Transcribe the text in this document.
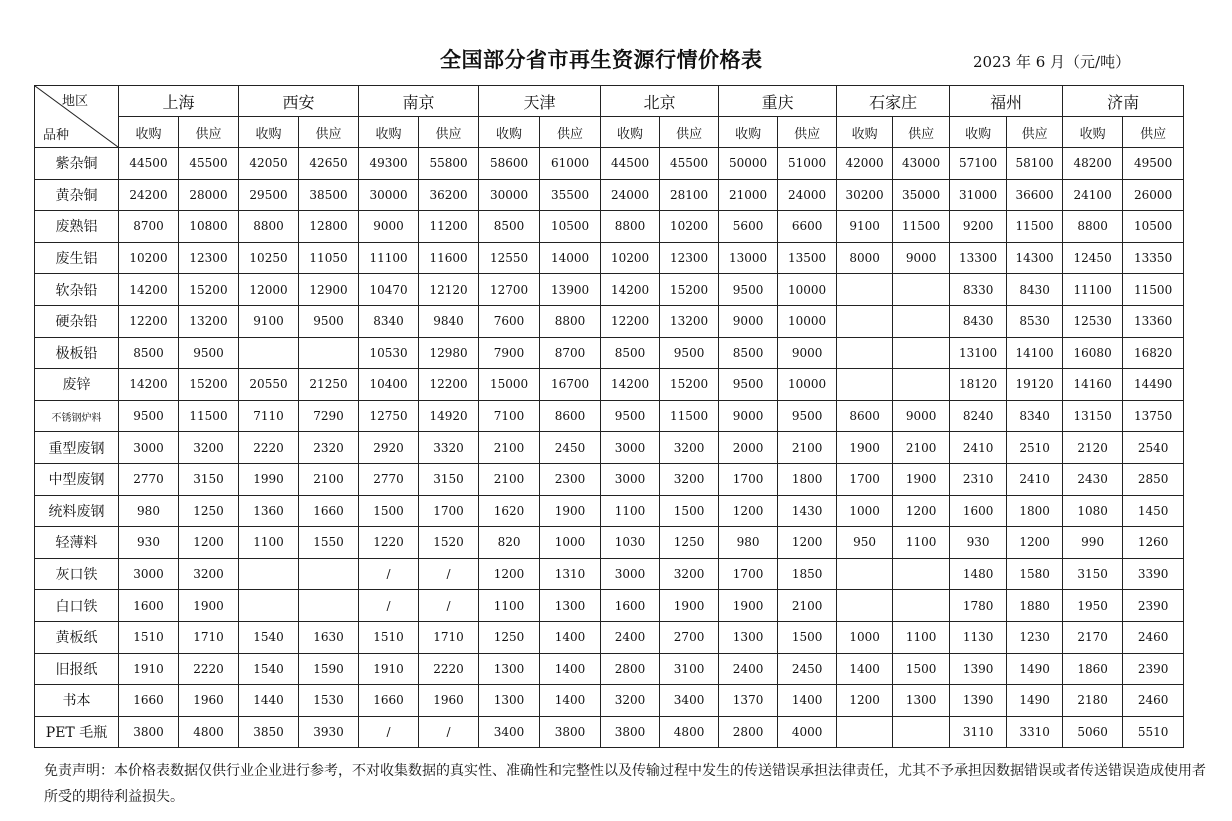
全国部分省市再生资源行情价格表	2023 年 6 月（元/吨）
地区
品种	上海		西安		南京		天津		北京		重庆		石家庄		福州		济南	
	收购	供应	收购	供应	收购	供应	收购	供应	收购	供应	收购	供应	收购	供应	收购	供应	收购	供应
紫杂铜	44500	45500	42050	42650	49300	55800	58600	61000	44500	45500	50000	51000	42000	43000	57100	58100	48200	49500
黄杂铜	24200	28000	29500	38500	30000	36200	30000	35500	24000	28100	21000	24000	30200	35000	31000	36600	24100	26000
废熟铝	8700	10800	8800	12800	9000	11200	8500	10500	8800	10200	5600	6600	9100	11500	9200	11500	8800	10500
废生铝	10200	12300	10250	11050	11100	11600	12550	14000	10200	12300	13000	13500	8000	9000	13300	14300	12450	13350
软杂铅	14200	15200	12000	12900	10470	12120	12700	13900	14200	15200	9500	10000			8330	8430	11100	11500
硬杂铅	12200	13200	9100	9500	8340	9840	7600	8800	12200	13200	9000	10000			8430	8530	12530	13360
极板铅	8500	9500			10530	12980	7900	8700	8500	9500	8500	9000			13100	14100	16080	16820
废锌	14200	15200	20550	21250	10400	12200	15000	16700	14200	15200	9500	10000			18120	19120	14160	14490
不锈钢炉料	9500	11500	7110	7290	12750	14920	7100	8600	9500	11500	9000	9500	8600	9000	8240	8340	13150	13750
重型废钢	3000	3200	2220	2320	2920	3320	2100	2450	3000	3200	2000	2100	1900	2100	2410	2510	2120	2540
中型废钢	2770	3150	1990	2100	2770	3150	2100	2300	3000	3200	1700	1800	1700	1900	2310	2410	2430	2850
统料废钢	980	1250	1360	1660	1500	1700	1620	1900	1100	1500	1200	1430	1000	1200	1600	1800	1080	1450
轻薄料	930	1200	1100	1550	1220	1520	820	1000	1030	1250	980	1200	950	1100	930	1200	990	1260
灰口铁	3000	3200			/	/	1200	1310	3000	3200	1700	1850			1480	1580	3150	3390
白口铁	1600	1900			/	/	1100	1300	1600	1900	1900	2100			1780	1880	1950	2390
黄板纸	1510	1710	1540	1630	1510	1710	1250	1400	2400	2700	1300	1500	1000	1100	1130	1230	2170	2460
旧报纸	1910	2220	1540	1590	1910	2220	1300	1400	2800	3100	2400	2450	1400	1500	1390	1490	1860	2390
书本	1660	1960	1440	1530	1660	1960	1300	1400	3200	3400	1370	1400	1200	1300	1390	1490	2180	2460
PET 毛瓶	3800	4800	3850	3930	/	/	3400	3800	3800	4800	2800	4000			3110	3310	5060	5510
免责声明：本价格表数据仅供行业企业进行参考，不对收集数据的真实性、准确性和完整性以及传输过程中发生的传送错误承担法律责任，尤其不予承担因数据错误或者传送错误造成使用者所受的期待利益损失。
